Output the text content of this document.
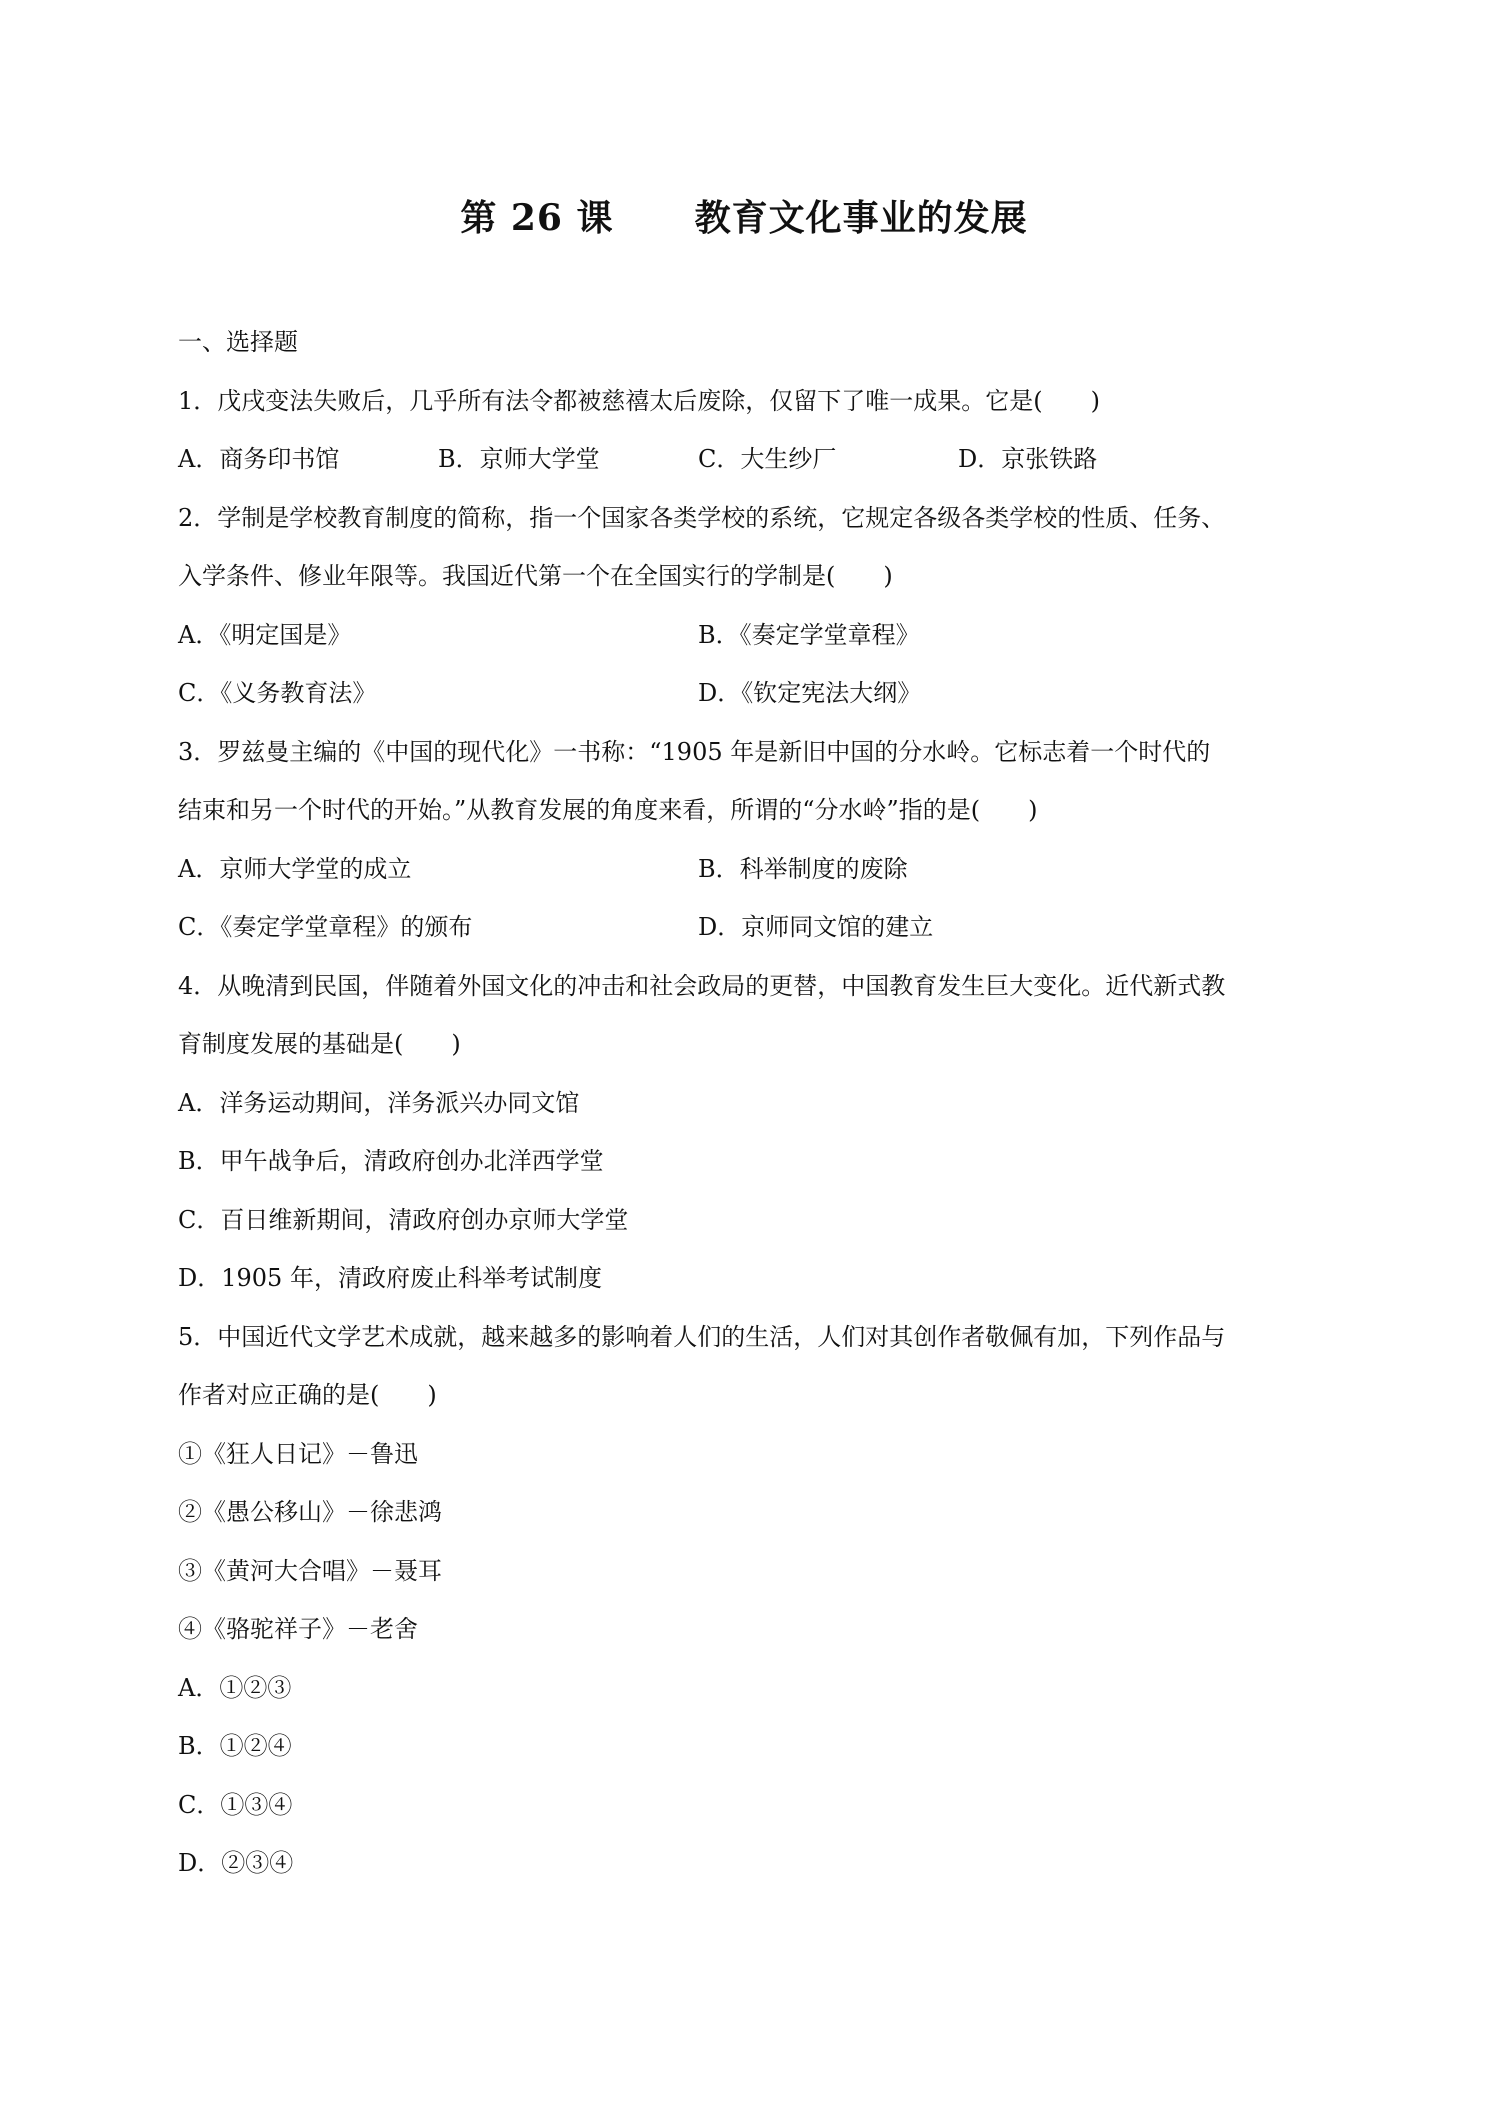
第 26 课      教育文化事业的发展
一、选择题
1．戊戌变法失败后，几乎所有法令都被慈禧太后废除，仅留下了唯一成果。它是(　　)
A．商务印书馆	B．京师大学堂	C．大生纱厂	D．京张铁路
2．学制是学校教育制度的简称，指一个国家各类学校的系统，它规定各级各类学校的性质、任务、
入学条件、修业年限等。我国近代第一个在全国实行的学制是(　　)
A．《明定国是》	B．《奏定学堂章程》
C．《义务教育法》	D．《钦定宪法大纲》
3．罗兹曼主编的《中国的现代化》一书称：“1905 年是新旧中国的分水岭。它标志着一个时代的
结束和另一个时代的开始。”从教育发展的角度来看，所谓的“分水岭”指的是(　　)
A．京师大学堂的成立	B．科举制度的废除
C．《奏定学堂章程》的颁布	D．京师同文馆的建立
4．从晚清到民国，伴随着外国文化的冲击和社会政局的更替，中国教育发生巨大变化。近代新式教
育制度发展的基础是(　　)
A．洋务运动期间，洋务派兴办同文馆
B．甲午战争后，清政府创办北洋西学堂
C．百日维新期间，清政府创办京师大学堂
D．1905 年，清政府废止科举考试制度
5．中国近代文学艺术成就，越来越多的影响着人们的生活，人们对其创作者敬佩有加，下列作品与
作者对应正确的是(　　)
①《狂人日记》－鲁迅
②《愚公移山》－徐悲鸿
③《黄河大合唱》－聂耳
④《骆驼祥子》－老舍
A．①②③
B．①②④
C．①③④
D．②③④
